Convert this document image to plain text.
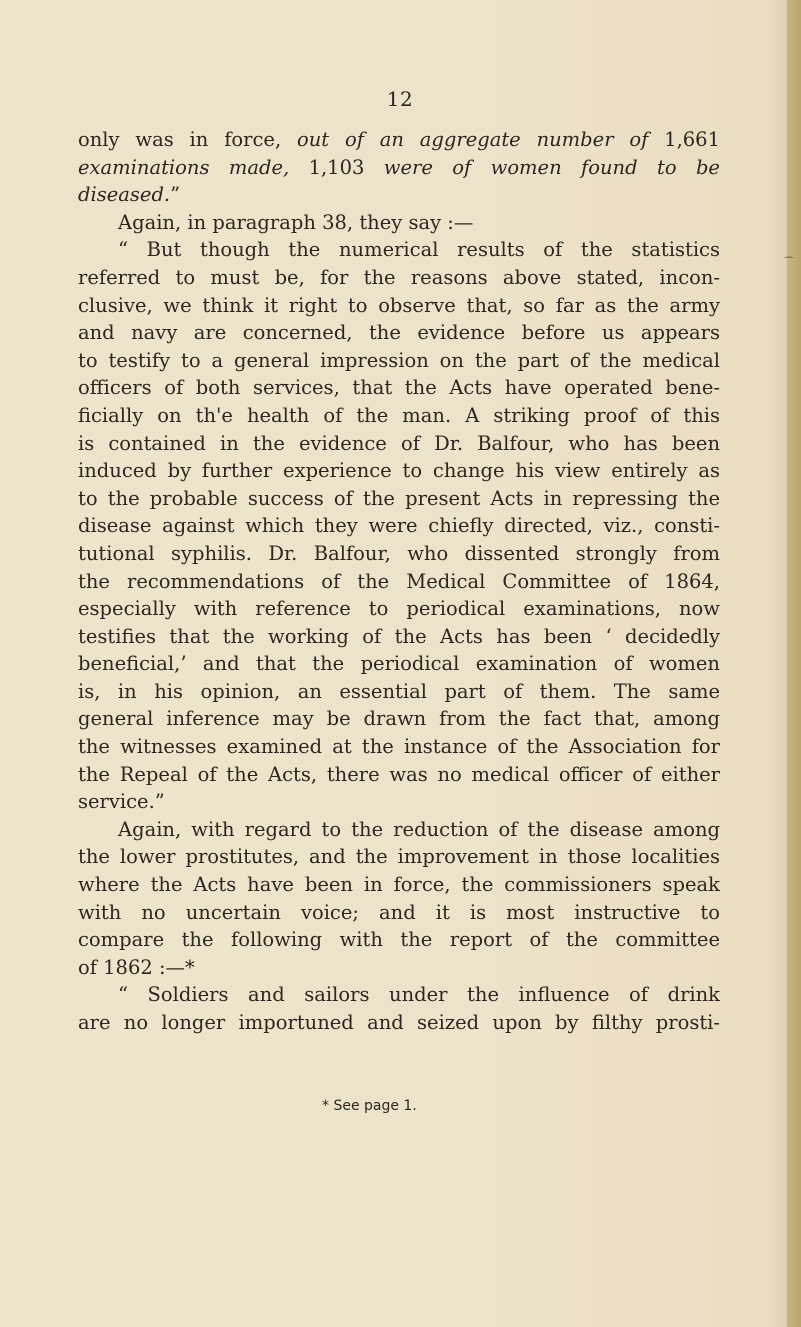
12
only was in force, out of an aggregate number of 1,661
examinations made, 1,103 were of women found to be
diseased.”
Again, in paragraph 38, they say :—
“ But though the numerical results of the statistics
referred to must be, for the reasons above stated, incon-
clusive, we think it right to observe that, so far as the army
and navy are concerned, the evidence before us appears
to testify to a general impression on the part of the medical
officers of both services, that the Acts have operated bene-
ficially on th'e health of the man. A striking proof of this
is contained in the evidence of Dr. Balfour, who has been
induced by further experience to change his view entirely as
to the probable success of the present Acts in repressing the
disease against which they were chiefly directed, viz., consti-
tutional syphilis. Dr. Balfour, who dissented strongly from
the recommendations of the Medical Committee of 1864,
especially with reference to periodical examinations, now
testifies that the working of the Acts has been ‘ decidedly
beneficial,’ and that the periodical examination of women
is, in his opinion, an essential part of them. The same
general inference may be drawn from the fact that, among
the witnesses examined at the instance of the Association for
the Repeal of the Acts, there was no medical officer of either
service.”
Again, with regard to the reduction of the disease among
the lower prostitutes, and the improvement in those localities
where the Acts have been in force, the commissioners speak
with no uncertain voice; and it is most instructive to
compare the following with the report of the committee
of 1862 :—*
“ Soldiers and sailors under the influence of drink
are no longer importuned and seized upon by filthy prosti-
* See page 1.
⁀
